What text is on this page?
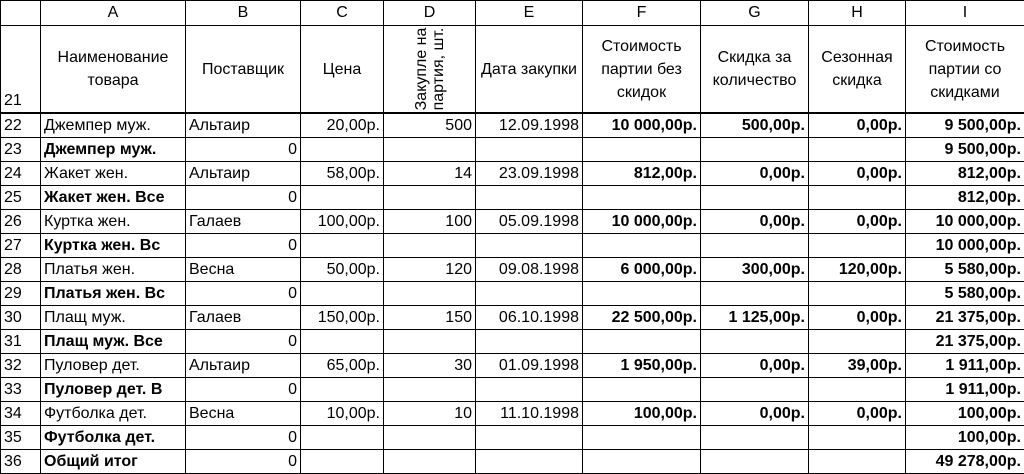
	A	B	C	D	E	F	G	H	I
21	Наименование товара	Поставщик	Цена	Закупле на партия, шт.	Дата закупки	Стоимость партии без скидок	Скидка за количество	Сезонная скидка	Стоимость партии со скидками
22	Джемпер муж.	Альтаир	20,00р.	500	12.09.1998	10 000,00р.	500,00р.	0,00р.	9 500,00р.
23	Джемпер муж.	0							9 500,00р.
24	Жакет жен.	Альтаир	58,00р.	14	23.09.1998	812,00р.	0,00р.	0,00р.	812,00р.
25	Жакет жен. Все	0							812,00р.
26	Куртка жен.	Галаев	100,00р.	100	05.09.1998	10 000,00р.	0,00р.	0,00р.	10 000,00р.
27	Куртка жен. Вс	0							10 000,00р.
28	Платья жен.	Весна	50,00р.	120	09.08.1998	6 000,00р.	300,00р.	120,00р.	5 580,00р.
29	Платья жен. Вс	0							5 580,00р.
30	Плащ муж.	Галаев	150,00р.	150	06.10.1998	22 500,00р.	1 125,00р.	0,00р.	21 375,00р.
31	Плащ муж. Все	0							21 375,00р.
32	Пуловер дет.	Альтаир	65,00р.	30	01.09.1998	1 950,00р.	0,00р.	39,00р.	1 911,00р.
33	Пуловер дет. В	0							1 911,00р.
34	Футболка дет.	Весна	10,00р.	10	11.10.1998	100,00р.	0,00р.	0,00р.	100,00р.
35	Футболка дет.	0							100,00р.
36	Общий итог	0							49 278,00р.
